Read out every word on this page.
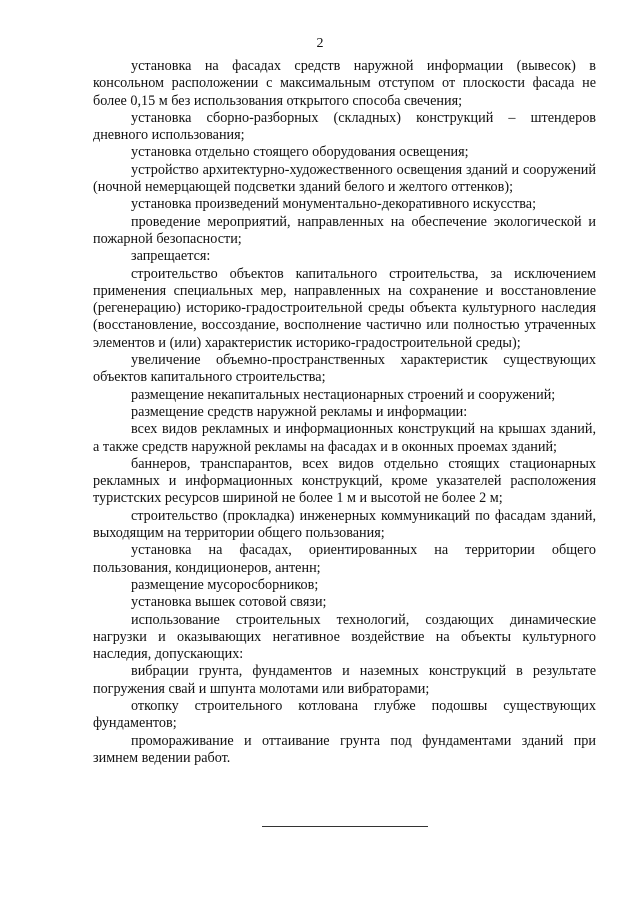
2

установка на фасадах средств наружной информации (вывесок) в консольном расположении с максимальным отступом от плоскости фасада не более 0,15 м без использования открытого способа свечения;

установка сборно-разборных (складных) конструкций – штендеров дневного использования;

установка отдельно стоящего оборудования освещения;

устройство архитектурно-художественного освещения зданий и сооружений (ночной немерцающей подсветки зданий белого и желтого оттенков);

установка произведений монументально-декоративного искусства;

проведение мероприятий, направленных на обеспечение экологической и пожарной безопасности;

запрещается:

строительство объектов капитального строительства, за исключением применения специальных мер, направленных на сохранение и восстановление (регенерацию) историко-градостроительной среды объекта культурного наследия (восстановление, воссоздание, восполнение частично или полностью утраченных элементов и (или) характеристик историко-градостроительной среды);

увеличение объемно-пространственных характеристик существующих объектов капитального строительства;

размещение некапитальных нестационарных строений и сооружений;

размещение средств наружной рекламы и информации:

всех видов рекламных и информационных конструкций на крышах зданий, а также средств наружной рекламы на фасадах и в оконных проемах зданий;

баннеров, транспарантов, всех видов отдельно стоящих стационарных рекламных и информационных конструкций, кроме указателей расположения туристских ресурсов шириной не более 1 м и высотой не более 2 м;

строительство (прокладка) инженерных коммуникаций по фасадам зданий, выходящим на территории общего пользования;

установка на фасадах, ориентированных на территории общего пользования, кондиционеров, антенн;

размещение мусоросборников;

установка вышек сотовой связи;

использование строительных технологий, создающих динамические нагрузки и оказывающих негативное воздействие на объекты культурного наследия, допускающих:

вибрации грунта, фундаментов и наземных конструкций в результате погружения свай и шпунта молотами или вибраторами;

откопку строительного котлована глубже подошвы существующих фундаментов;

промораживание и оттаивание грунта под фундаментами зданий при зимнем ведении работ.
